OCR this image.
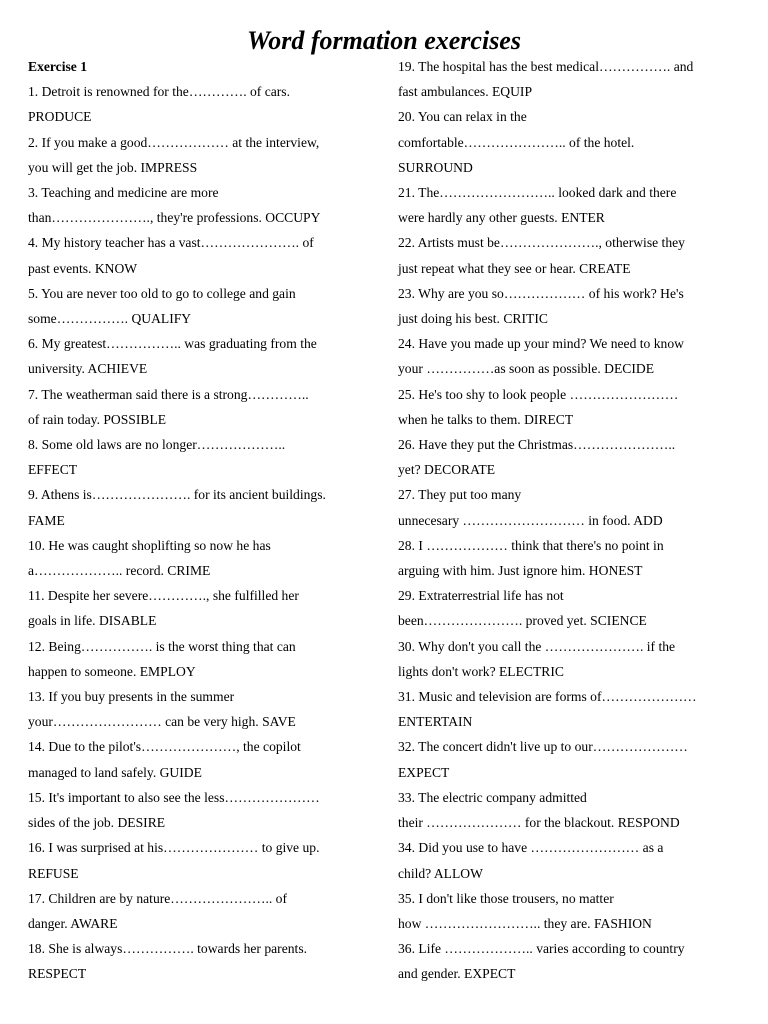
Word formation exercises
Exercise 1
1. Detroit is renowned for the…………. of cars.
PRODUCE
2. If you make a good……………… at the interview,
you will get the job. IMPRESS
3. Teaching and medicine are more
than…………………., they're professions. OCCUPY
4. My history teacher has a vast…………………. of
past events. KNOW
5. You are never too old to go to college and gain
some……………. QUALIFY
6. My greatest…………….. was graduating from the
university. ACHIEVE
7. The weatherman said there is a strong…………..
of rain today. POSSIBLE
8. Some old laws are no longer………………..
EFFECT
9. Athens is…………………. for its ancient buildings.
FAME
10. He was caught shoplifting so now he has
a……………….. record. CRIME
11. Despite her severe…………., she fulfilled her
goals in life. DISABLE
12. Being……………. is the worst thing that can
happen to someone. EMPLOY
13. If you buy presents in the summer
your…………………… can be very high. SAVE
14. Due to the pilot's…………………, the copilot
managed to land safely. GUIDE
15. It's important to also see the less…………………
sides of the job. DESIRE
16. I was surprised at his………………… to give up.
REFUSE
17. Children are by nature………………….. of
danger. AWARE
18. She is always……………. towards her parents.
RESPECT
19. The hospital has the best medical……………. and
fast ambulances. EQUIP
20. You can relax in the
comfortable………………….. of the hotel.
SURROUND
21. The…………………….. looked dark and there
were hardly any other guests. ENTER
22. Artists must be…………………., otherwise they
just repeat what they see or hear. CREATE
23. Why are you so……………… of his work? He's
just doing his best. CRITIC
24. Have you made up your mind? We need to know
your ……………as soon as possible. DECIDE
25. He's too shy to look people ……………………
when he talks to them. DIRECT
26. Have they put the Christmas…………………..
yet? DECORATE
27. They put too many
unnecesary ……………………… in food. ADD
28. I ……………… think that there's no point in
arguing with him. Just ignore him. HONEST
29. Extraterrestrial life has not
been…………………. proved yet. SCIENCE
30. Why don't you call the …………………. if the
lights don't work? ELECTRIC
31. Music and television are forms of…………………
ENTERTAIN
32. The concert didn't live up to our…………………
EXPECT
33. The electric company admitted
their ………………… for the blackout. RESPOND
34. Did you use to have …………………… as a
child? ALLOW
35. I don't like those trousers, no matter
how …………………….. they are. FASHION
36. Life ……………….. varies according to country
and gender. EXPECT
